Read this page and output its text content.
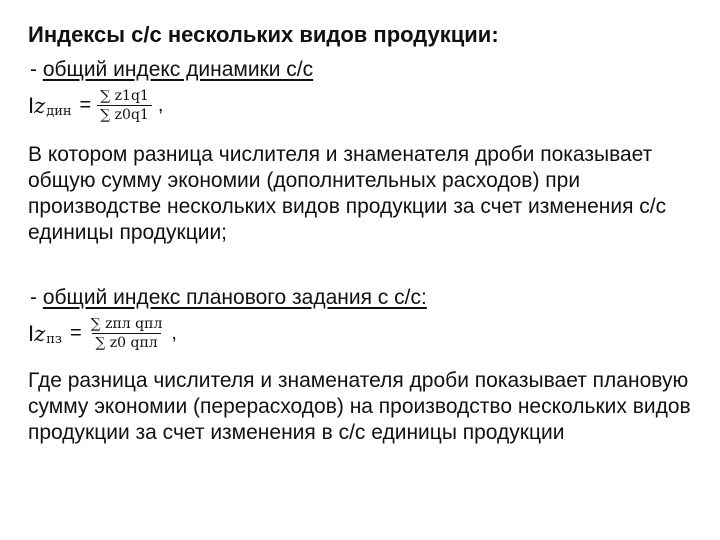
Индексы с/с нескольких видов продукции:
- общий индекс динамики с/с
I z дин = $\frac{\sum z1q1}{\sum z0q1}$ ,

В котором разница числителя и знаменателя дроби показывает общую сумму экономии (дополнительных расходов) при производстве нескольких видов продукции за счет изменения с/с единицы продукции;

- общий индекс планового задания с с/с:
I z пз = $\frac{\text{∑ zпл qпл}}{\text{∑ z0 qпл}}$ ,

Где разница числителя и знаменателя дроби показывает плановую сумму экономии (перерасходов) на производство нескольких видов продукции за счет изменения в с/с единицы продукции
